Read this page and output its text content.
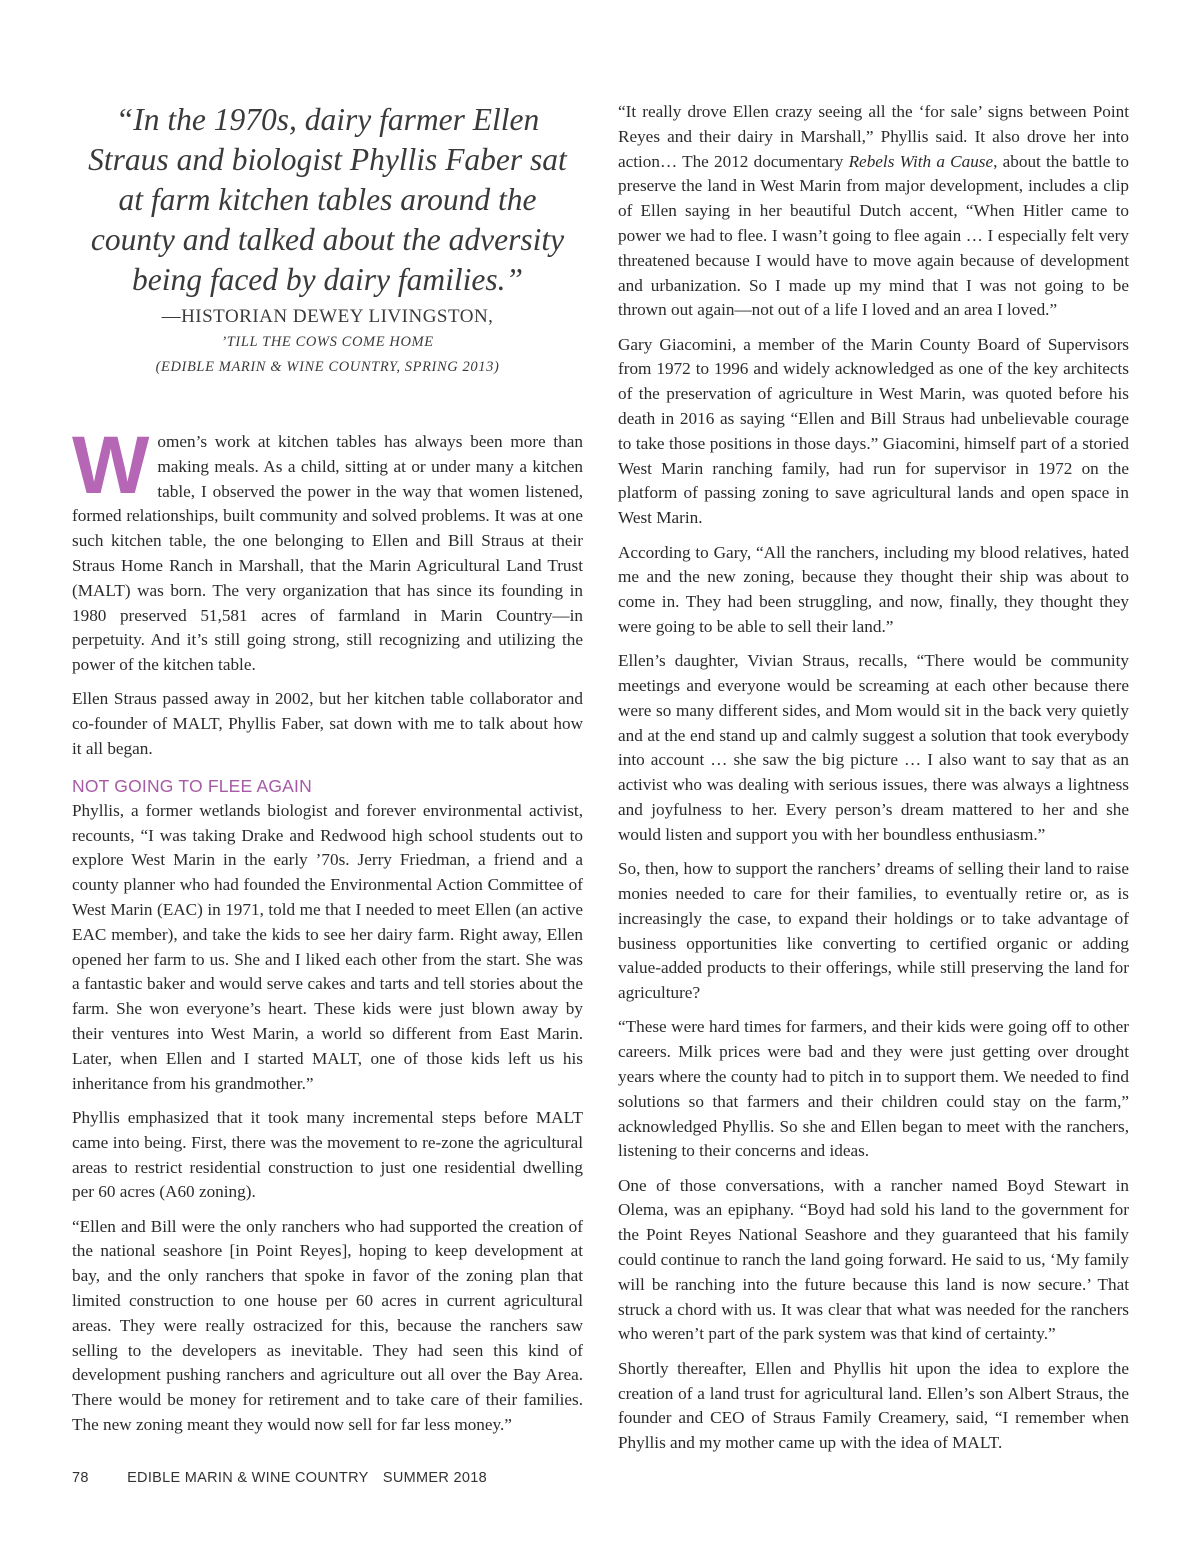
“In the 1970s, dairy farmer Ellen Straus and biologist Phyllis Faber sat at farm kitchen tables around the county and talked about the adversity being faced by dairy families.”
—HISTORIAN DEWEY LIVINGSTON,
’TILL THE COWS COME HOME
(EDIBLE MARIN & WINE COUNTRY, SPRING 2013)

Women’s work at kitchen tables has always been more than making meals. As a child, sitting at or under many a kitchen table, I observed the power in the way that women listened, formed relationships, built community and solved problems. It was at one such kitchen table, the one belonging to Ellen and Bill Straus at their Straus Home Ranch in Marshall, that the Marin Agricultural Land Trust (MALT) was born. The very organization that has since its founding in 1980 preserved 51,581 acres of farmland in Marin Country—in perpetuity. And it’s still going strong, still recognizing and utilizing the power of the kitchen table.

Ellen Straus passed away in 2002, but her kitchen table collaborator and co-founder of MALT, Phyllis Faber, sat down with me to talk about how it all began.

NOT GOING TO FLEE AGAIN

Phyllis, a former wetlands biologist and forever environmental activist, recounts, “I was taking Drake and Redwood high school students out to explore West Marin in the early ’70s. Jerry Friedman, a friend and a county planner who had founded the Environmental Action Committee of West Marin (EAC) in 1971, told me that I needed to meet Ellen (an active EAC member), and take the kids to see her dairy farm. Right away, Ellen opened her farm to us. She and I liked each other from the start. She was a fantastic baker and would serve cakes and tarts and tell stories about the farm. She won everyone’s heart. These kids were just blown away by their ventures into West Marin, a world so different from East Marin. Later, when Ellen and I started MALT, one of those kids left us his inheritance from his grandmother.”

Phyllis emphasized that it took many incremental steps before MALT came into being. First, there was the movement to re-zone the agricultural areas to restrict residential construction to just one residential dwelling per 60 acres (A60 zoning).

“Ellen and Bill were the only ranchers who had supported the creation of the national seashore [in Point Reyes], hoping to keep development at bay, and the only ranchers that spoke in favor of the zoning plan that limited construction to one house per 60 acres in current agricultural areas. They were really ostracized for this, because the ranchers saw selling to the developers as inevitable. They had seen this kind of development pushing ranchers and agriculture out all over the Bay Area. There would be money for retirement and to take care of their families. The new zoning meant they would now sell for far less money.”

“It really drove Ellen crazy seeing all the ‘for sale’ signs between Point Reyes and their dairy in Marshall,” Phyllis said. It also drove her into action… The 2012 documentary Rebels With a Cause, about the battle to preserve the land in West Marin from major development, includes a clip of Ellen saying in her beautiful Dutch accent, “When Hitler came to power we had to flee. I wasn’t going to flee again … I especially felt very threatened because I would have to move again because of development and urbanization. So I made up my mind that I was not going to be thrown out again—not out of a life I loved and an area I loved.”

Gary Giacomini, a member of the Marin County Board of Supervisors from 1972 to 1996 and widely acknowledged as one of the key architects of the preservation of agriculture in West Marin, was quoted before his death in 2016 as saying “Ellen and Bill Straus had unbelievable courage to take those positions in those days.” Giacomini, himself part of a storied West Marin ranching family, had run for supervisor in 1972 on the platform of passing zoning to save agricultural lands and open space in West Marin.

According to Gary, “All the ranchers, including my blood relatives, hated me and the new zoning, because they thought their ship was about to come in. They had been struggling, and now, finally, they thought they were going to be able to sell their land.”

Ellen’s daughter, Vivian Straus, recalls, “There would be community meetings and everyone would be screaming at each other because there were so many different sides, and Mom would sit in the back very quietly and at the end stand up and calmly suggest a solution that took everybody into account … she saw the big picture … I also want to say that as an activist who was dealing with serious issues, there was always a lightness and joyfulness to her. Every person’s dream mattered to her and she would listen and support you with her boundless enthusiasm.”

So, then, how to support the ranchers’ dreams of selling their land to raise monies needed to care for their families, to eventually retire or, as is increasingly the case, to expand their holdings or to take advantage of business opportunities like converting to certified organic or adding value-added products to their offerings, while still preserving the land for agriculture?

“These were hard times for farmers, and their kids were going off to other careers. Milk prices were bad and they were just getting over drought years where the county had to pitch in to support them. We needed to find solutions so that farmers and their children could stay on the farm,” acknowledged Phyllis. So she and Ellen began to meet with the ranchers, listening to their concerns and ideas.

One of those conversations, with a rancher named Boyd Stewart in Olema, was an epiphany. “Boyd had sold his land to the government for the Point Reyes National Seashore and they guaranteed that his family could continue to ranch the land going forward. He said to us, ‘My family will be ranching into the future because this land is now secure.’ That struck a chord with us. It was clear that what was needed for the ranchers who weren’t part of the park system was that kind of certainty.”

Shortly thereafter, Ellen and Phyllis hit upon the idea to explore the creation of a land trust for agricultural land. Ellen’s son Albert Straus, the founder and CEO of Straus Family Creamery, said, “I remember when Phyllis and my mother came up with the idea of MALT.

78	EDIBLE MARIN & WINE COUNTRY SUMMER 2018
